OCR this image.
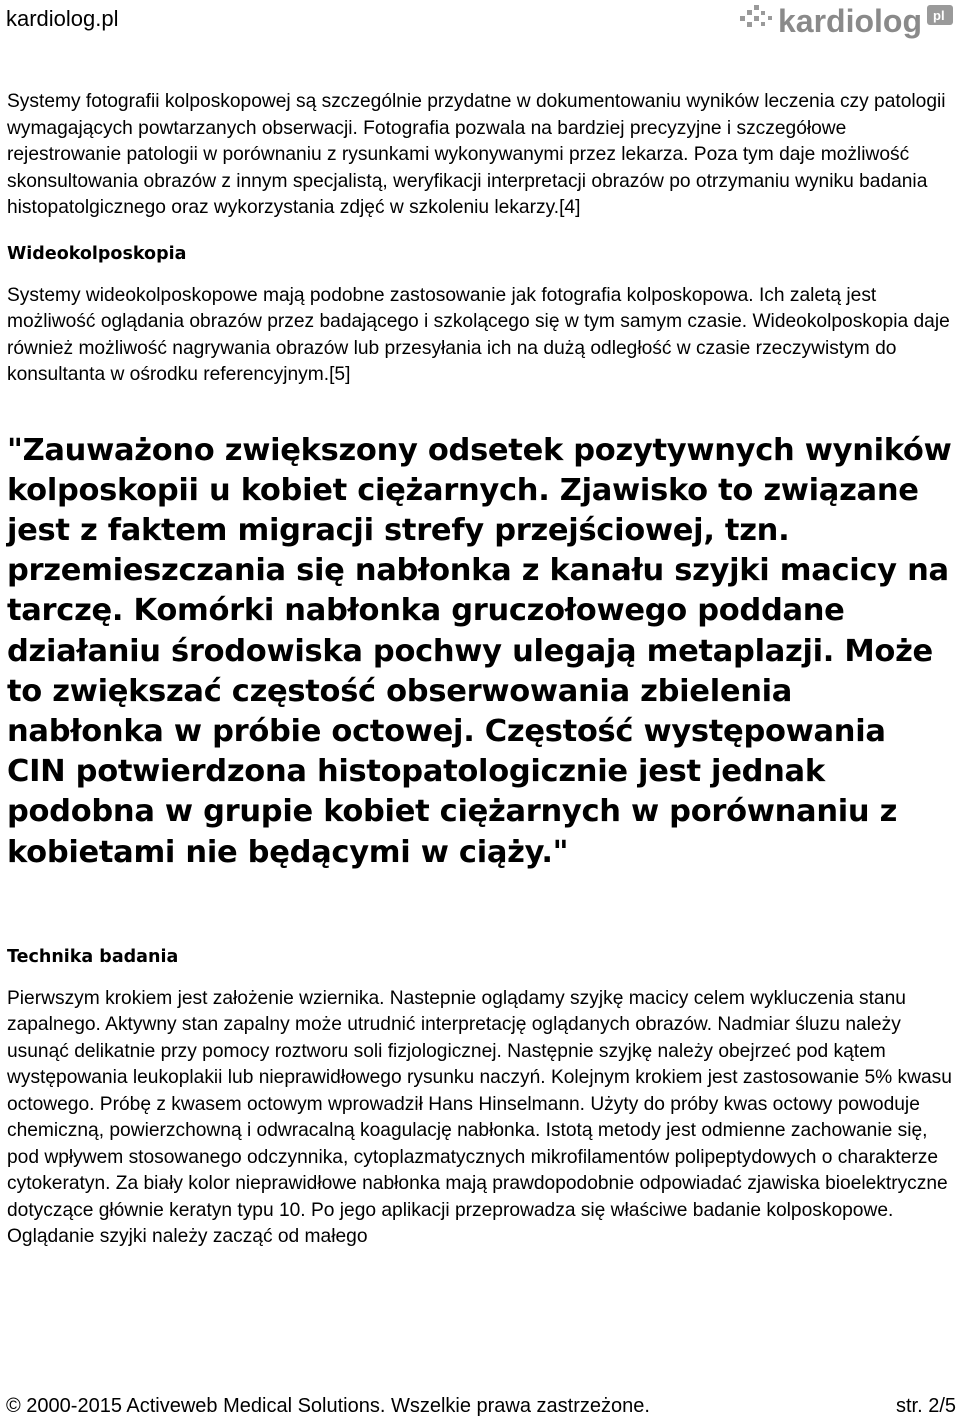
kardiolog.pl	kardiolog pl

Systemy fotografii kolposkopowej są szczególnie przydatne w dokumentowaniu wyników leczenia czy patologii wymagających powtarzanych obserwacji. Fotografia pozwala na bardziej precyzyjne i szczegółowe rejestrowanie patologii w porównaniu z rysunkami wykonywanymi przez lekarza. Poza tym daje możliwość skonsultowania obrazów z innym specjalistą, weryfikacji interpretacji obrazów po otrzymaniu wyniku badania histopatolgicznego oraz wykorzystania zdjęć w szkoleniu lekarzy.[4]

Wideokolposkopia

Systemy wideokolposkopowe mają podobne zastosowanie jak fotografia kolposkopowa. Ich zaletą jest możliwość oglądania obrazów przez badającego i szkolącego się w tym samym czasie. Wideokolposkopia daje również możliwość nagrywania obrazów lub przesyłania ich na dużą odległość w czasie rzeczywistym do konsultanta w ośrodku referencyjnym.[5]

"Zauważono zwiększony odsetek pozytywnych wyników kolposkopii u kobiet ciężarnych. Zjawisko to związane jest z faktem migracji strefy przejściowej, tzn. przemieszczania się nabłonka z kanału szyjki macicy na tarczę. Komórki nabłonka gruczołowego poddane działaniu środowiska pochwy ulegają metaplazji. Może to zwiększać częstość obserwowania zbielenia nabłonka w próbie octowej. Częstość występowania CIN potwierdzona histopatologicznie jest jednak podobna w grupie kobiet ciężarnych w porównaniu z kobietami nie będącymi w ciąży."

Technika badania

Pierwszym krokiem jest założenie wziernika. Nastepnie oglądamy szyjkę macicy celem wykluczenia stanu zapalnego. Aktywny stan zapalny może utrudnić interpretację oglądanych obrazów. Nadmiar śluzu należy usunąć delikatnie przy pomocy roztworu soli fizjologicznej. Następnie szyjkę należy obejrzeć pod kątem występowania leukoplakii lub nieprawidłowego rysunku naczyń. Kolejnym krokiem jest zastosowanie 5% kwasu octowego. Próbę z kwasem octowym wprowadził Hans Hinselmann. Użyty do próby kwas octowy powoduje chemiczną, powierzchowną i odwracalną koagulację nabłonka. Istotą metody jest odmienne zachowanie się, pod wpływem stosowanego odczynnika, cytoplazmatycznych mikrofilamentów polipeptydowych o charakterze cytokeratyn. Za biały kolor nieprawidłowe nabłonka mają prawdopodobnie odpowiadać zjawiska bioelektryczne dotyczące głównie keratyn typu 10. Po jego aplikacji przeprowadza się właściwe badanie kolposkopowe. Oglądanie szyjki należy zacząć od małego

© 2000-2015 Activeweb Medical Solutions. Wszelkie prawa zastrzeżone.	str. 2/5
